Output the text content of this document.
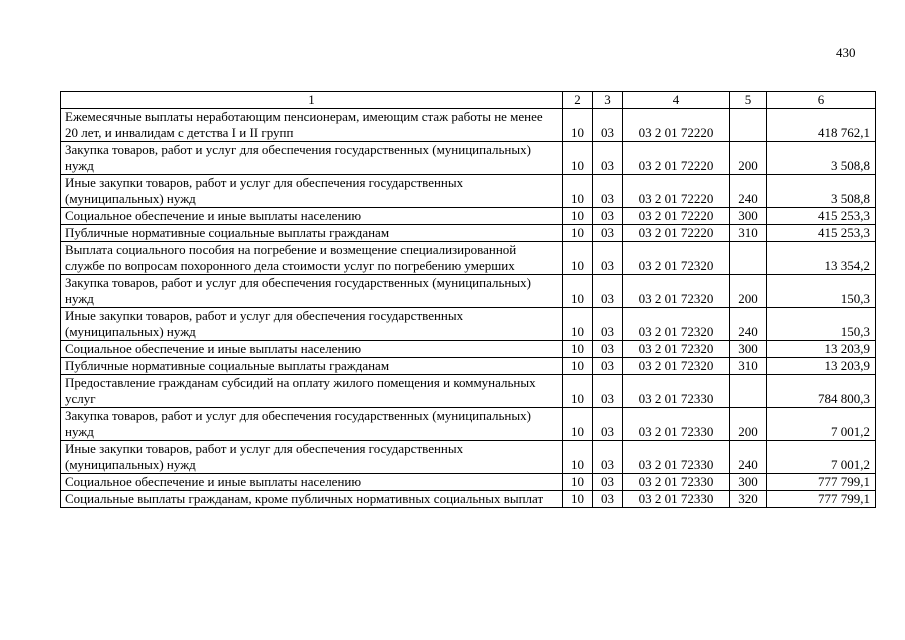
430
1	2	3	4	5	6
Ежемесячные выплаты неработающим пенсионерам, имеющим стаж работы не менее 20 лет, и инвалидам с детства I и II групп	10	03	03 2 01 72220		418 762,1
Закупка товаров, работ и услуг для обеспечения государственных (муниципальных) нужд	10	03	03 2 01 72220	200	3 508,8
Иные закупки товаров, работ и услуг для обеспечения государственных (муниципальных) нужд	10	03	03 2 01 72220	240	3 508,8
Социальное обеспечение и иные выплаты населению	10	03	03 2 01 72220	300	415 253,3
Публичные нормативные социальные выплаты гражданам	10	03	03 2 01 72220	310	415 253,3
Выплата социального пособия на погребение и возмещение специализированной службе по вопросам похоронного дела стоимости услуг по погребению умерших	10	03	03 2 01 72320		13 354,2
Закупка товаров, работ и услуг для обеспечения государственных (муниципальных) нужд	10	03	03 2 01 72320	200	150,3
Иные закупки товаров, работ и услуг для обеспечения государственных (муниципальных) нужд	10	03	03 2 01 72320	240	150,3
Социальное обеспечение и иные выплаты населению	10	03	03 2 01 72320	300	13 203,9
Публичные нормативные социальные выплаты гражданам	10	03	03 2 01 72320	310	13 203,9
Предоставление гражданам субсидий на оплату жилого помещения и коммунальных услуг	10	03	03 2 01 72330		784 800,3
Закупка товаров, работ и услуг для обеспечения государственных (муниципальных) нужд	10	03	03 2 01 72330	200	7 001,2
Иные закупки товаров, работ и услуг для обеспечения государственных (муниципальных) нужд	10	03	03 2 01 72330	240	7 001,2
Социальное обеспечение и иные выплаты населению	10	03	03 2 01 72330	300	777 799,1
Социальные выплаты гражданам, кроме публичных нормативных социальных выплат	10	03	03 2 01 72330	320	777 799,1
